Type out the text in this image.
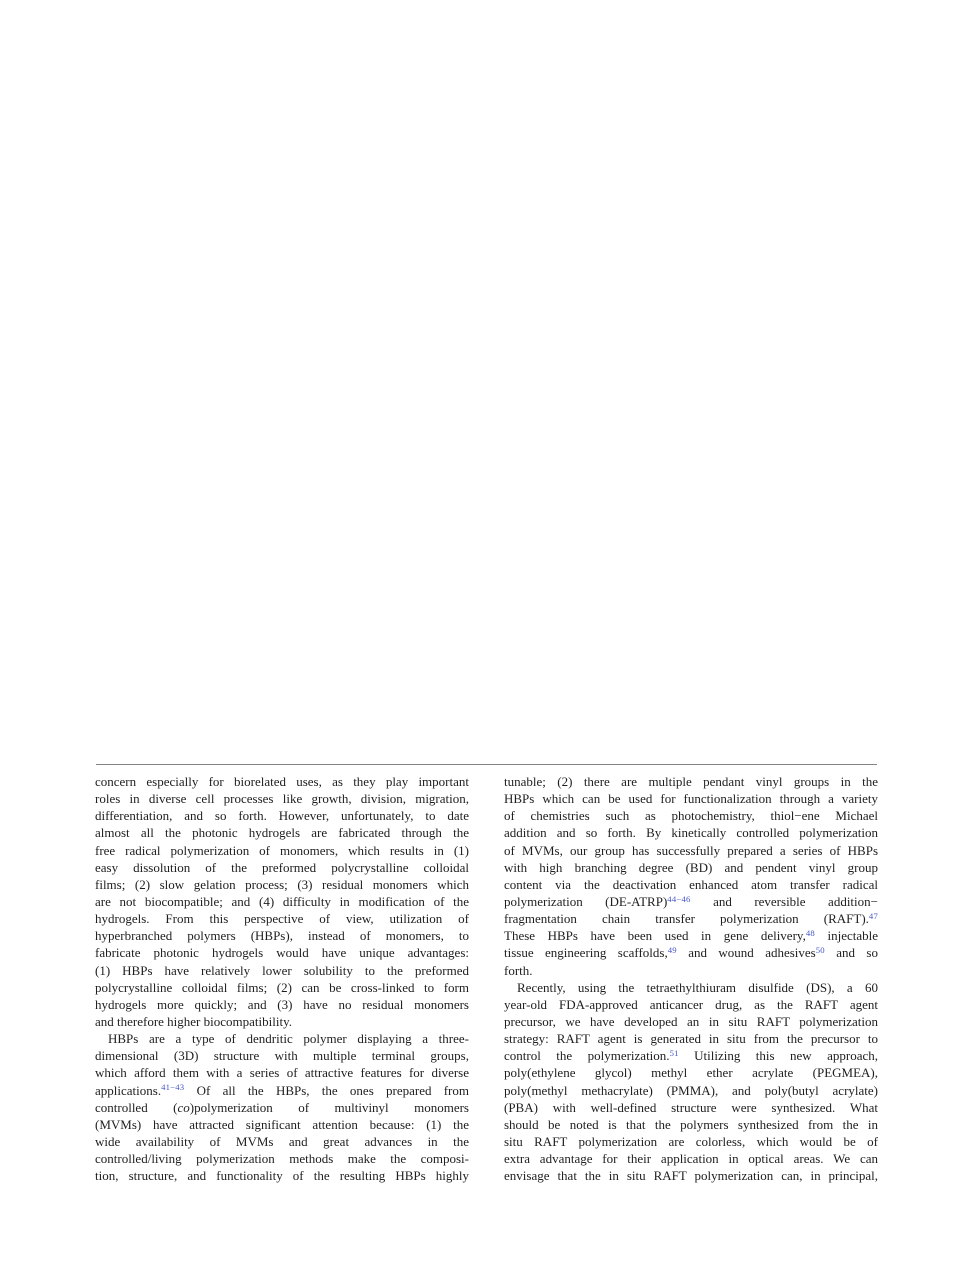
concern especially for biorelated uses, as they play important
roles in diverse cell processes like growth, division, migration,
differentiation, and so forth. However, unfortunately, to date
almost all the photonic hydrogels are fabricated through the
free radical polymerization of monomers, which results in (1)
easy dissolution of the preformed polycrystalline colloidal
films; (2) slow gelation process; (3) residual monomers which
are not biocompatible; and (4) difficulty in modification of the
hydrogels. From this perspective of view, utilization of
hyperbranched polymers (HBPs), instead of monomers, to
fabricate photonic hydrogels would have unique advantages:
(1) HBPs have relatively lower solubility to the preformed
polycrystalline colloidal films; (2) can be cross-linked to form
hydrogels more quickly; and (3) have no residual monomers
and therefore higher biocompatibility.
HBPs are a type of dendritic polymer displaying a three-
dimensional (3D) structure with multiple terminal groups,
which afford them with a series of attractive features for diverse
applications.$^{41-43}$ Of all the HBPs, the ones prepared from
controlled (co)polymerization of multivinyl monomers
(MVMs) have attracted significant attention because: (1) the
wide availability of MVMs and great advances in the
controlled/living polymerization methods make the composi-
tion, structure, and functionality of the resulting HBPs highly
tunable; (2) there are multiple pendant vinyl groups in the
HBPs which can be used for functionalization through a variety
of chemistries such as photochemistry, thiol−ene Michael
addition and so forth. By kinetically controlled polymerization
of MVMs, our group has successfully prepared a series of HBPs
with high branching degree (BD) and pendent vinyl group
content via the deactivation enhanced atom transfer radical
polymerization (DE-ATRP)$^{44-46}$ and reversible addition−
fragmentation chain transfer polymerization (RAFT).$^{47}$
These HBPs have been used in gene delivery,$^{48}$ injectable
tissue engineering scaffolds,$^{49}$ and wound adhesives$^{50}$ and so
forth.
Recently, using the tetraethylthiuram disulfide (DS), a 60
year-old FDA-approved anticancer drug, as the RAFT agent
precursor, we have developed an in situ RAFT polymerization
strategy: RAFT agent is generated in situ from the precursor to
control the polymerization.$^{51}$ Utilizing this new approach,
poly(ethylene glycol) methyl ether acrylate (PEGMEA),
poly(methyl methacrylate) (PMMA), and poly(butyl acrylate)
(PBA) with well-defined structure were synthesized. What
should be noted is that the polymers synthesized from the in
situ RAFT polymerization are colorless, which would be of
extra advantage for their application in optical areas. We can
envisage that the in situ RAFT polymerization can, in principal,
